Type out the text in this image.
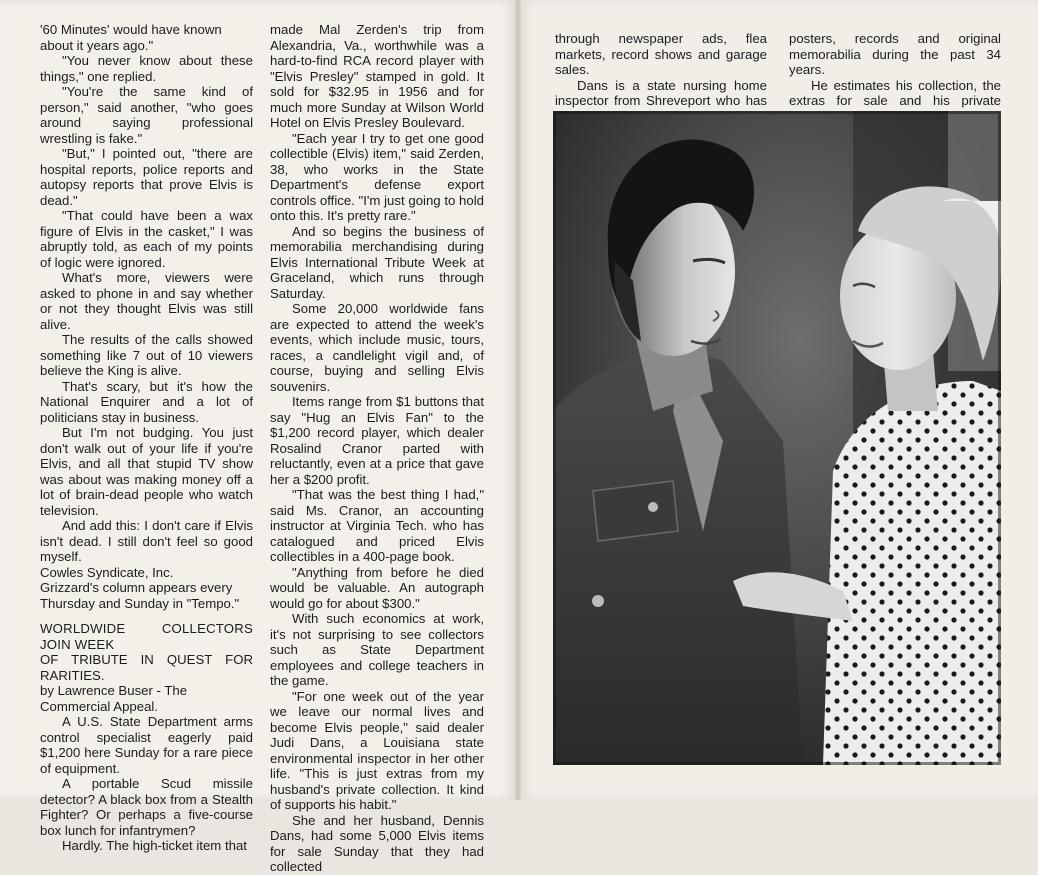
'60 Minutes' would have known about it years ago."

"You never know about these things," one replied.

"You're the same kind of person," said another, "who goes around saying professional wrestling is fake."

"But," I pointed out, "there are hospital reports, police reports and autopsy reports that prove Elvis is dead."

"That could have been a wax figure of Elvis in the casket," I was abruptly told, as each of my points of logic were ignored.

What's more, viewers were asked to phone in and say whether or not they thought Elvis was still alive.

The results of the calls showed something like 7 out of 10 viewers believe the King is alive.

That's scary, but it's how the National Enquirer and a lot of politicians stay in business.

But I'm not budging. You just don't walk out of your life if you're Elvis, and all that stupid TV show was about was making money off a lot of brain-dead people who watch television.

And add this: I don't care if Elvis isn't dead. I still don't feel so good myself.

Cowles Syndicate, Inc.

Grizzard's column appears every Thursday and Sunday in "Tempo."

WORLDWIDE COLLECTORS JOIN WEEK

OF TRIBUTE IN QUEST FOR RARITIES.

by Lawrence Buser - The Commercial Appeal.

A U.S. State Department arms control specialist eagerly paid $1,200 here Sunday for a rare piece of equipment.

A portable Scud missile detector? A black box from a Stealth Fighter? Or perhaps a five-course box lunch for infantrymen?

Hardly. The high-ticket item that

made Mal Zerden's trip from Alexandria, Va., worthwhile was a hard-to-find RCA record player with "Elvis Presley" stamped in gold. It sold for $32.95 in 1956 and for much more Sunday at Wilson World Hotel on Elvis Presley Boulevard.

"Each year I try to get one good collectible (Elvis) item," said Zerden, 38, who works in the State Department's defense export controls office. "I'm just going to hold onto this. It's pretty rare."

And so begins the business of memorabilia merchandising during Elvis International Tribute Week at Graceland, which runs through Saturday.

Some 20,000 worldwide fans are expected to attend the week's events, which include music, tours, races, a candlelight vigil and, of course, buying and selling Elvis souvenirs.

Items range from $1 buttons that say "Hug an Elvis Fan" to the $1,200 record player, which dealer Rosalind Cranor parted with reluctantly, even at a price that gave her a $200 profit.

"That was the best thing I had," said Ms. Cranor, an accounting instructor at Virginia Tech. who has catalogued and priced Elvis collectibles in a 400-page book.

"Anything from before he died would be valuable. An autograph would go for about $300."

With such economics at work, it's not surprising to see collectors such as State Department employees and college teachers in the game.

"For one week out of the year we leave our normal lives and become Elvis people," said dealer Judi Dans, a Louisiana state environmental inspector in her other life. "This is just extras from my husband's private collection. It kind of supports his habit."

She and her husband, Dennis Dans, had some 5,000 Elvis items for sale Sunday that they had collected

through newspaper ads, flea markets, record shows and garage sales.

Dans is a state nursing home inspector from Shreveport who has

posters, records and original memorabilia during the past 34 years.

He estimates his collection, the extras for sale and his private
